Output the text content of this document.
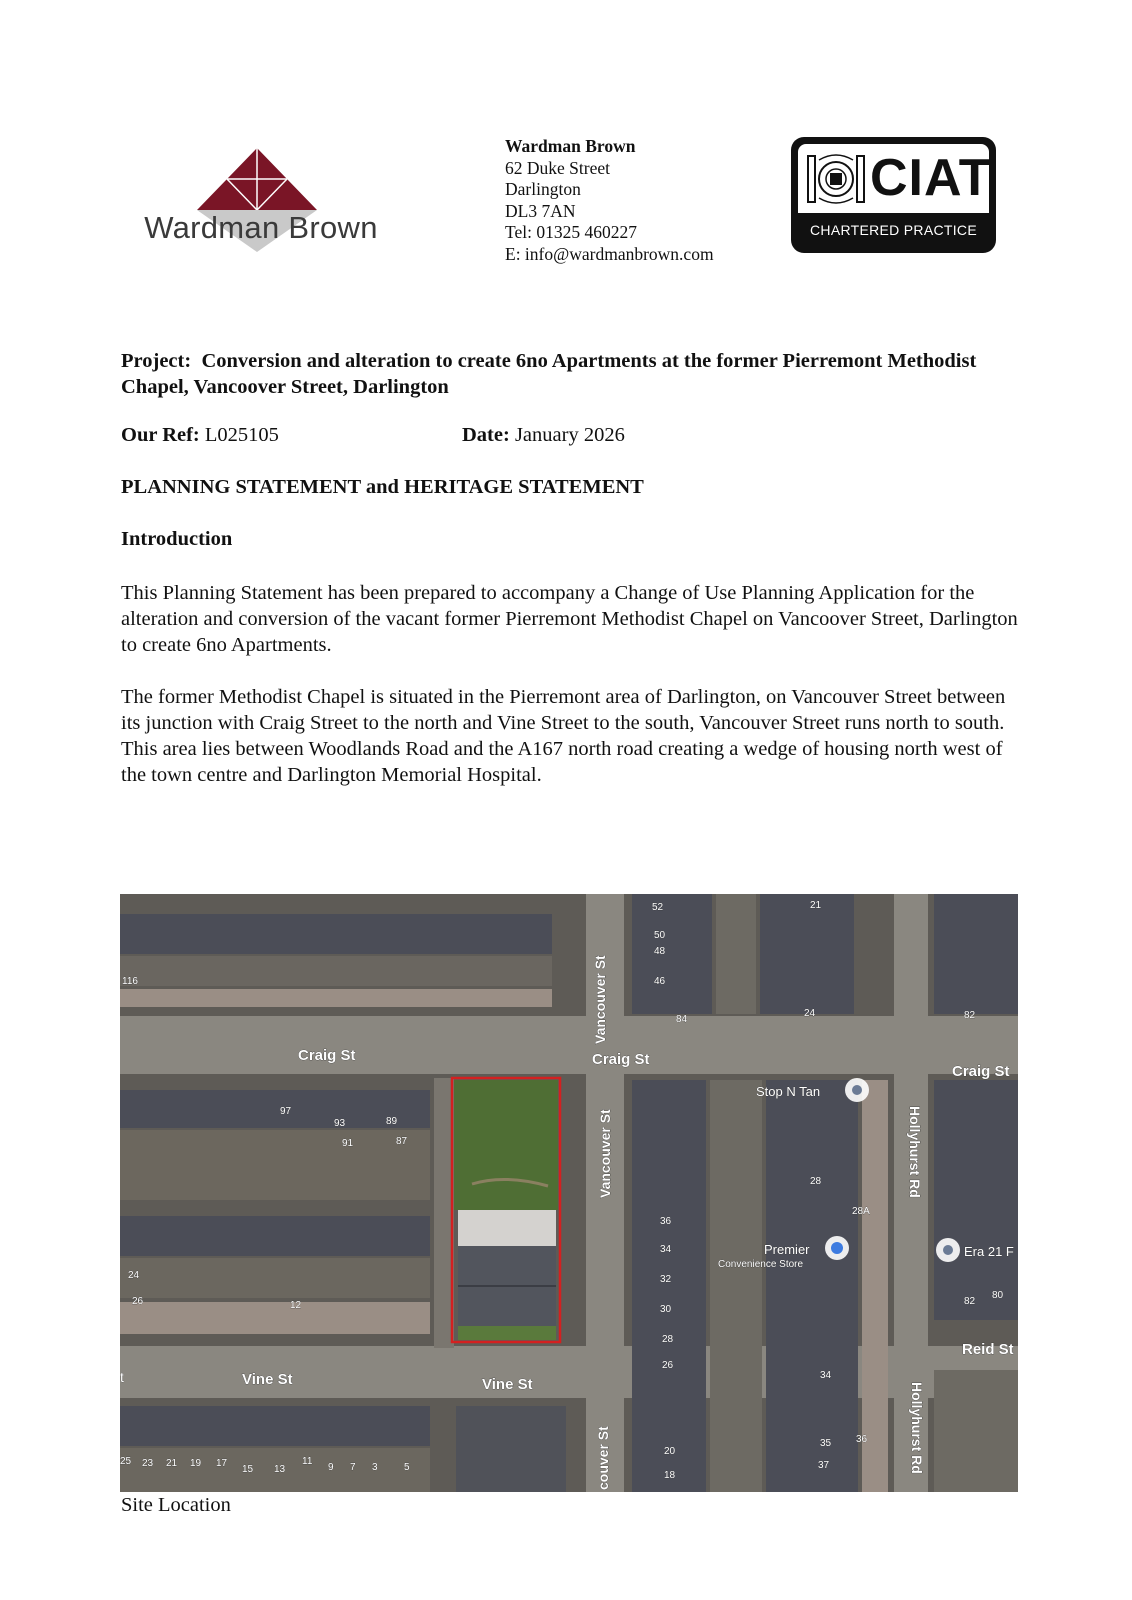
Wardman Brown
Wardman Brown
62 Duke Street
Darlington
DL3 7AN
Tel: 01325 460227
E: info@wardmanbrown.com
CIAT
CHARTERED PRACTICE
Project: Conversion and alteration to create 6no Apartments at the former Pierremont Methodist Chapel, Vancoover Street, Darlington
Our Ref: L025105	Date: January 2026
PLANNING STATEMENT and HERITAGE STATEMENT
Introduction
This Planning Statement has been prepared to accompany a Change of Use Planning Application for the alteration and conversion of the vacant former Pierremont Methodist Chapel on Vancoover Street, Darlington to create 6no Apartments.
The former Methodist Chapel is situated in the Pierremont area of Darlington, on Vancouver Street between its junction with Craig Street to the north and Vine Street to the south, Vancouver Street runs north to south. This area lies between Woodlands Road and the A167 north road creating a wedge of housing north west of the town centre and Darlington Memorial Hospital.
Craig St	Craig St
Craig St
Vine St	Vine St
Reid St
Vancouver St
Vancouver St
couver St
Hollyhurst Rd
Hollyhurst Rd
Stop N Tan
Premier
Convenience Store
Era 21 F
52
50
48
46
84
21
24
116
82
97
93	89
91	87
28
28A
36
34
32
30
28
26
24
26	12	82
80
34
35 36
37
20
18
25 23 21 19 17
15 13
11
9 7 3	5
t
Site Location
